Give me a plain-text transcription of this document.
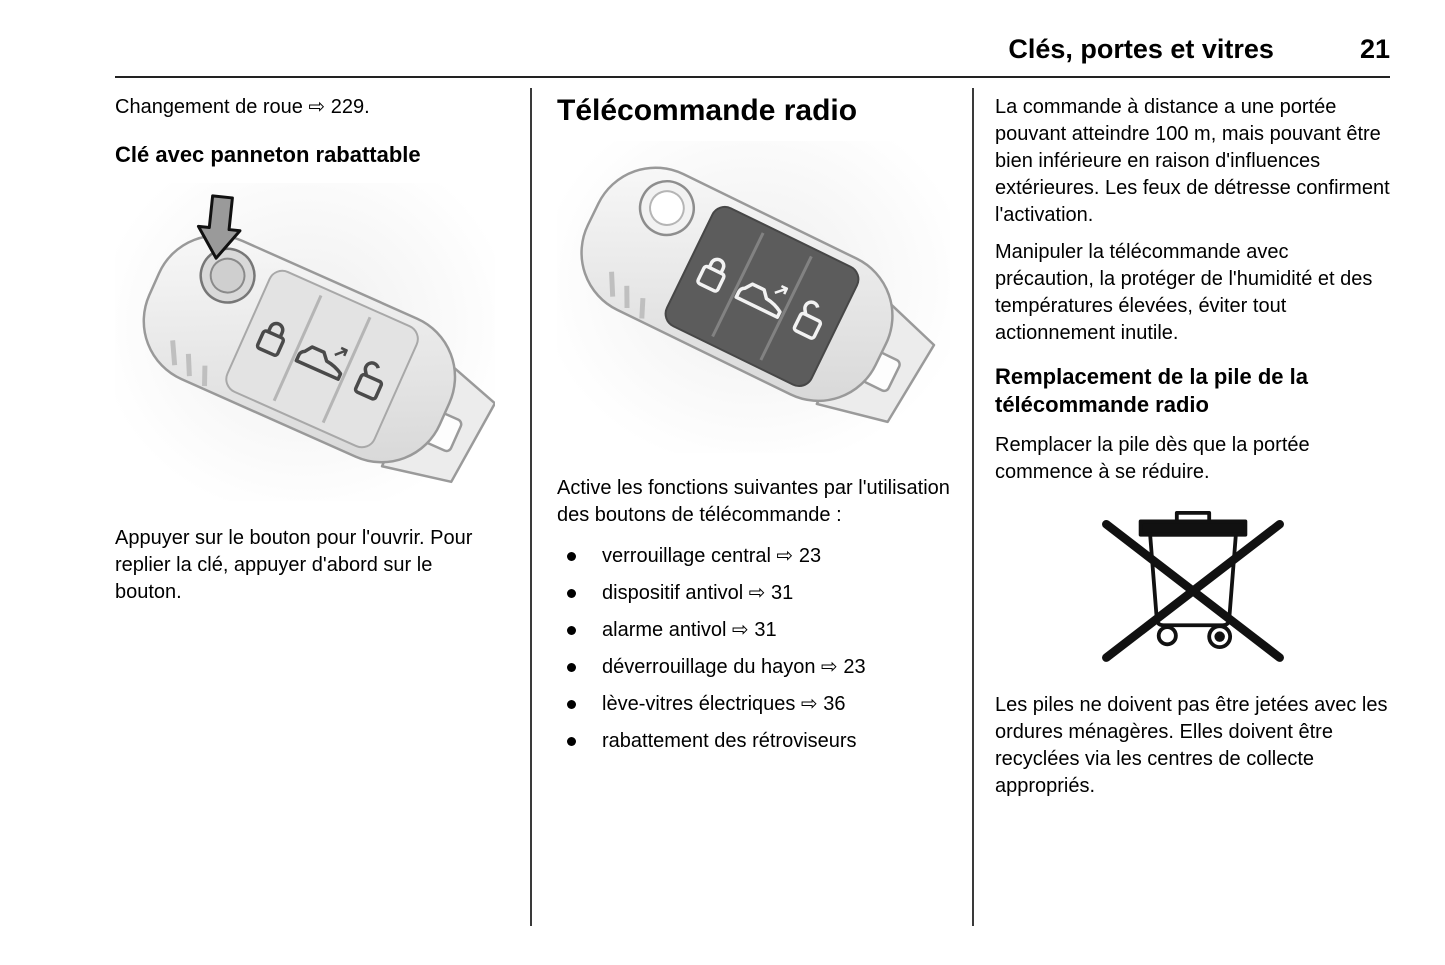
Clés, portes et vitres	21

Changement de roue ⇨ 229.

Clé avec panneton rabattable

Appuyer sur le bouton pour l'ouvrir. Pour replier la clé, appuyer d'abord sur le bouton.

Télécommande radio

Active les fonctions suivantes par l'utilisation des boutons de télécommande :

verrouillage central ⇨ 23
dispositif antivol ⇨ 31
alarme antivol ⇨ 31
déverrouillage du hayon ⇨ 23
lève-vitres électriques ⇨ 36
rabattement des rétroviseurs

La commande à distance a une portée pouvant atteindre 100 m, mais pouvant être bien inférieure en raison d'influences extérieures. Les feux de détresse confirment l'activation.

Manipuler la télécommande avec précaution, la protéger de l'humidité et des températures élevées, éviter tout actionnement inutile.

Remplacement de la pile de la télécommande radio

Remplacer la pile dès que la portée commence à se réduire.

Les piles ne doivent pas être jetées avec les ordures ménagères. Elles doivent être recyclées via les centres de collecte appropriés.
